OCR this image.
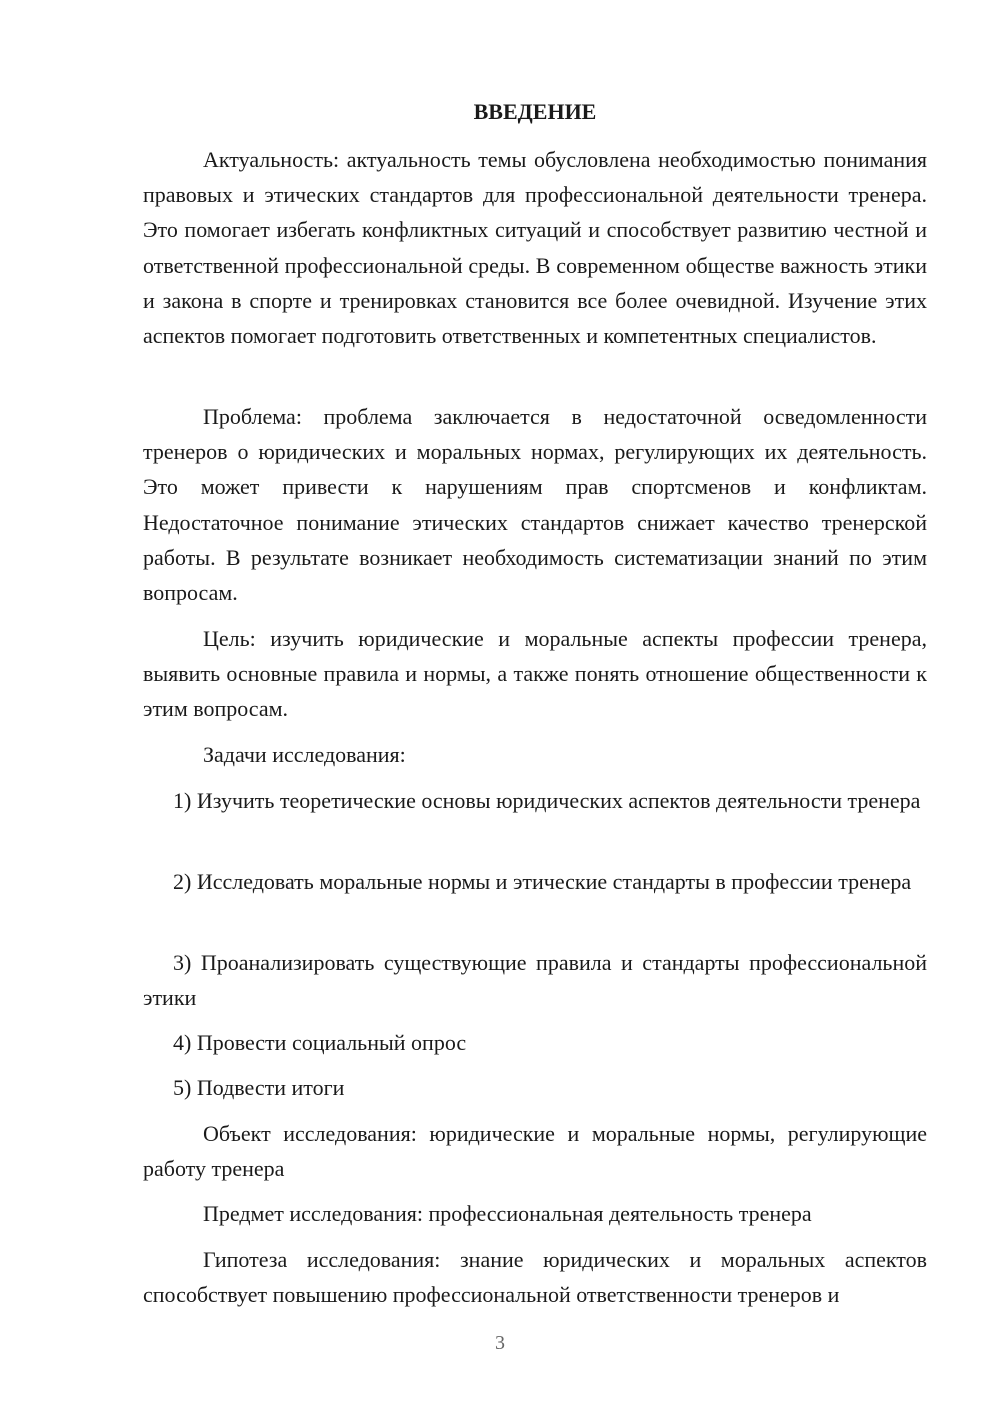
ВВЕДЕНИЕ

Актуальность: актуальность темы обусловлена необходимостью понимания правовых и этических стандартов для профессиональной деятельности тренера. Это помогает избегать конфликтных ситуаций и способствует развитию честной и ответственной профессиональной среды. В современном обществе важность этики и закона в спорте и тренировках становится все более очевидной. Изучение этих аспектов помогает подготовить ответственных и компетентных специалистов.

Проблема: проблема заключается в недостаточной осведомленности тренеров о юридических и моральных нормах, регулирующих их деятельность. Это может привести к нарушениям прав спортсменов и конфликтам. Недостаточное понимание этических стандартов снижает качество тренерской работы. В результате возникает необходимость систематизации знаний по этим вопросам.

Цель: изучить юридические и моральные аспекты профессии тренера, выявить основные правила и нормы, а также понять отношение общественности к этим вопросам.

Задачи исследования:

1) Изучить теоретические основы юридических аспектов деятельности тренера

2) Исследовать моральные нормы и этические стандарты в профессии тренера

3) Проанализировать существующие правила и стандарты профессиональной этики

4) Провести социальный опрос

5) Подвести итоги

Объект исследования: юридические и моральные нормы, регулирующие работу тренера

Предмет исследования: профессиональная деятельность тренера

Гипотеза исследования: знание юридических и моральных аспектов способствует повышению профессиональной ответственности тренеров и

3
